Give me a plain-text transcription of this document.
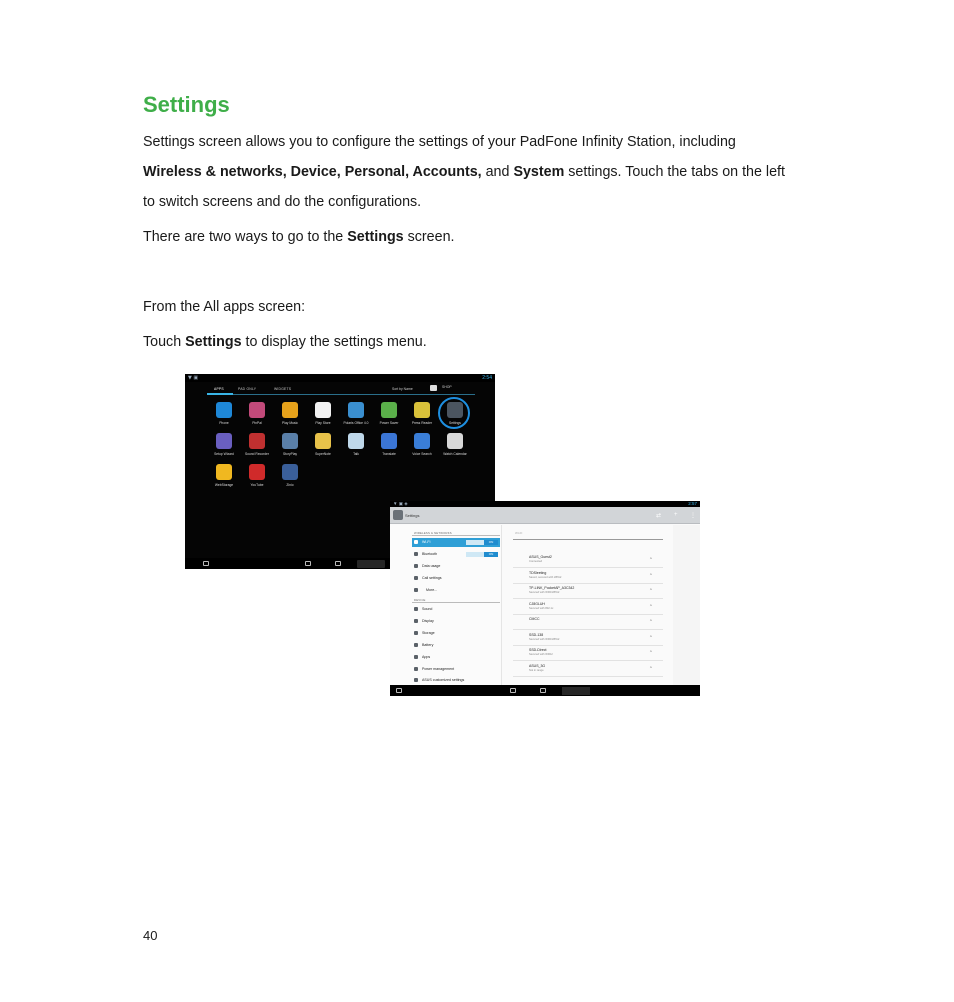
Settings
Settings screen allows you to configure the settings of your PadFone Infinity Station, including
Wireless & networks, Device, Personal, Accounts, and System settings. Touch the tabs on the left
to switch screens and do the configurations.
There are two ways to go to the Settings screen.
From the All apps screen:
Touch Settings to display the settings menu.
▼ ▣	2:54
APPS	PAD ONLY	WIDGETS	Sort by Name	SHOP
Phone	PinPal	Play Music	Play Store	Polaris Office 4.0	Power Saver	Press Reader	Settings
Setup Wizard	Sound Recorder	StoryPlay	SuperNote	Talk	Translate	Voice Search	Watch Calendar
WebStorage	YouTube	Zinio
▼ ▣ ◈	2:57
Settings	⇄ + ⋮
WIRELESS & NETWORKS
DEVICE
Wi-Fi	ON
Bluetooth	ON
Data usage
Call settings
More...
Sound
Display
Storage
Battery
Apps
Power management
ASUS customized settings
WI-FI
ASUS_Guest2
Connected	◔
TDSleeting
Saved, secured with WPA2	◔
TP-LINK_PocketAP_A3C342
Secured with WPA/WPA2	◔
CJ8GLUH
Secured with 802.1x	◔
CMCC	◔
SSD-138
Secured with WPA/WPA2	◔
SSD-Direct
Secured with WPA2	◔
ASUS_3G
Not in range	◔
40
